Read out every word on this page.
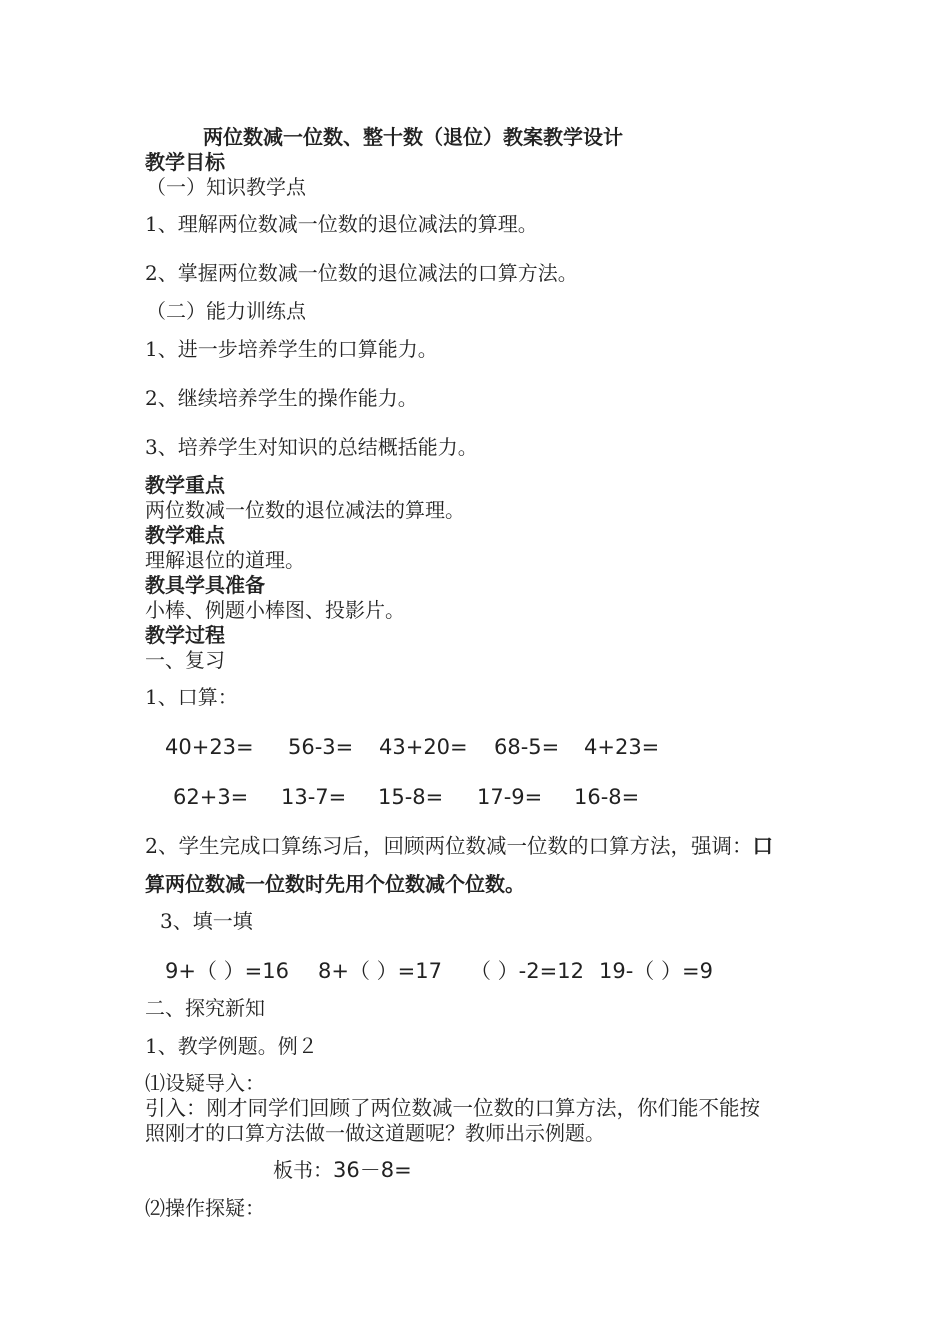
两位数减一位数、整十数（退位）教案教学设计
教学目标
（一）知识教学点
1、理解两位数减一位数的退位减法的算理。
2、掌握两位数减一位数的退位减法的口算方法。
（二）能力训练点
1、进一步培养学生的口算能力。
2、继续培养学生的操作能力。
3、培养学生对知识的总结概括能力。
教学重点
两位数减一位数的退位减法的算理。
教学难点
理解退位的道理。
教具学具准备
小棒、例题小棒图、投影片。
教学过程
一、复习
1、口算：
40+23= 56-3= 43+20= 68-5= 4+23=
62+3= 13-7= 15-8= 17-9= 16-8=
2、学生完成口算练习后，回顾两位数减一位数的口算方法，强调：口
算两位数减一位数时先用个位数减个位数。
3、填一填
9+（ ）=16 8+（ ）=17 （ ）-2=12 19-（ ）=9
二、探究新知
1、教学例题。例２
⑴设疑导入：
引入：刚才同学们回顾了两位数减一位数的口算方法，你们能不能按
照刚才的口算方法做一做这道题呢？教师出示例题。
板书：36－8=
⑵操作探疑：
